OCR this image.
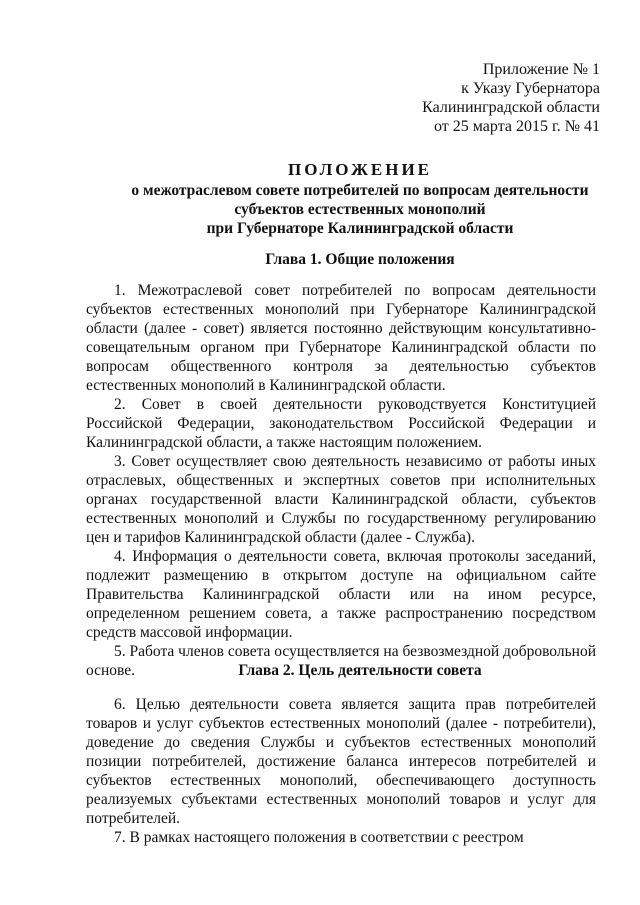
Приложение № 1
к Указу Губернатора
Калининградской области
от 25 марта 2015 г. № 41
ПОЛОЖЕНИЕ
о межотраслевом совете потребителей по вопросам деятельности
субъектов естественных монополий
при Губернаторе Калининградской области
Глава 1. Общие положения

1. Межотраслевой совет потребителей по вопросам деятельности субъектов естественных монополий при Губернаторе Калининградской области (далее - совет) является постоянно действующим консультативно-совещательным органом при Губернаторе Калининградской области по вопросам общественного контроля за деятельностью субъектов естественных монополий в Калининградской области.

2. Совет в своей деятельности руководствуется Конституцией Российской Федерации, законодательством Российской Федерации и Калининградской области, а также настоящим положением.

3. Совет осуществляет свою деятельность независимо от работы иных отраслевых, общественных и экспертных советов при исполнительных органах государственной власти Калининградской области, субъектов естественных монополий и Службы по государственному регулированию цен и тарифов Калининградской области (далее - Служба).

4. Информация о деятельности совета, включая протоколы заседаний, подлежит размещению в открытом доступе на официальном сайте Правительства Калининградской области или на ином ресурсе, определенном решением совета, а также распространению посредством средств массовой информации.

5. Работа членов совета осуществляется на безвозмездной добровольной основе.	Глава 2. Цель деятельности совета

6. Целью деятельности совета является защита прав потребителей товаров и услуг субъектов естественных монополий (далее - потребители), доведение до сведения Службы и субъектов естественных монополий позиции потребителей, достижение баланса интересов потребителей и субъектов естественных монополий, обеспечивающего доступность реализуемых субъектами естественных монополий товаров и услуг для потребителей.

7. В рамках настоящего положения в соответствии с реестром
